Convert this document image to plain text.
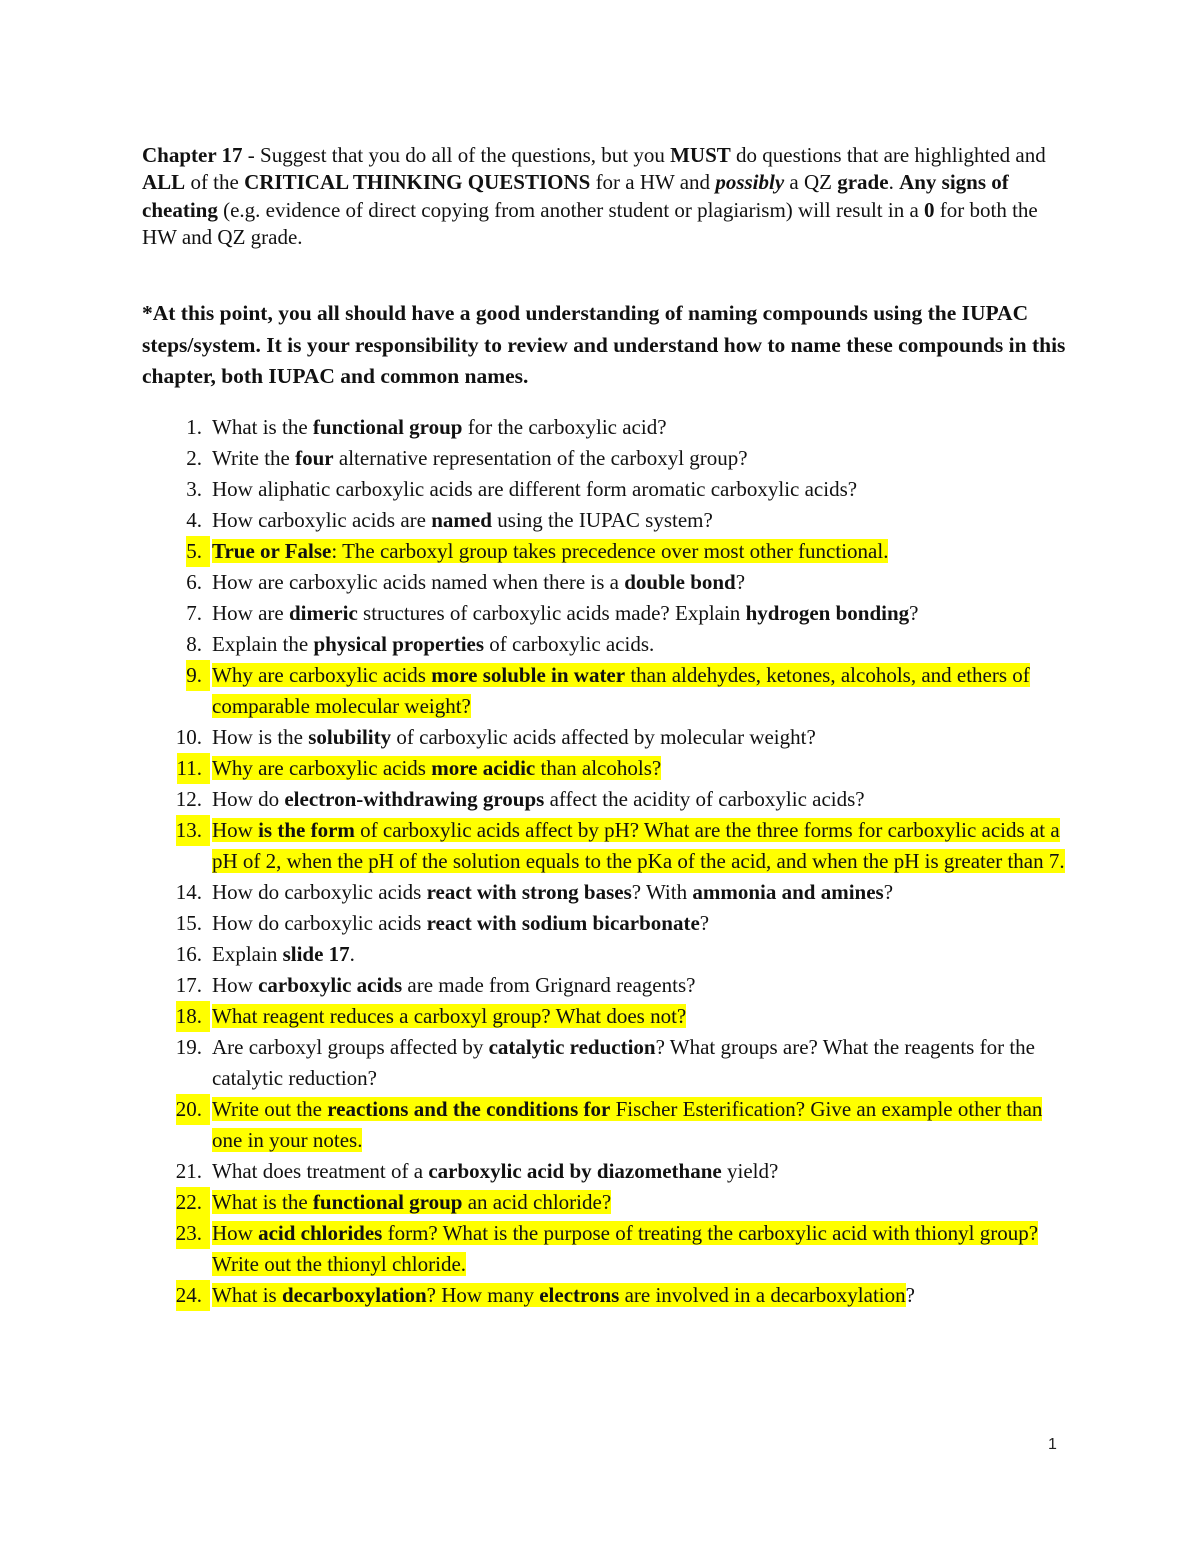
Chapter 17 - Suggest that you do all of the questions, but you MUST do questions that are highlighted and ALL of the CRITICAL THINKING QUESTIONS for a HW and possibly a QZ grade. Any signs of cheating (e.g. evidence of direct copying from another student or plagiarism) will result in a 0 for both the HW and QZ grade.
*At this point, you all should have a good understanding of naming compounds using the IUPAC steps/system. It is your responsibility to review and understand how to name these compounds in this chapter, both IUPAC and common names.
1. What is the functional group for the carboxylic acid?
2. Write the four alternative representation of the carboxyl group?
3. How aliphatic carboxylic acids are different form aromatic carboxylic acids?
4. How carboxylic acids are named using the IUPAC system?
5. True or False: The carboxyl group takes precedence over most other functional.
6. How are carboxylic acids named when there is a double bond?
7. How are dimeric structures of carboxylic acids made? Explain hydrogen bonding?
8. Explain the physical properties of carboxylic acids.
9. Why are carboxylic acids more soluble in water than aldehydes, ketones, alcohols, and ethers of comparable molecular weight?
10. How is the solubility of carboxylic acids affected by molecular weight?
11. Why are carboxylic acids more acidic than alcohols?
12. How do electron-withdrawing groups affect the acidity of carboxylic acids?
13. How is the form of carboxylic acids affect by pH? What are the three forms for carboxylic acids at a pH of 2, when the pH of the solution equals to the pKa of the acid, and when the pH is greater than 7.
14. How do carboxylic acids react with strong bases? With ammonia and amines?
15. How do carboxylic acids react with sodium bicarbonate?
16. Explain slide 17.
17. How carboxylic acids are made from Grignard reagents?
18. What reagent reduces a carboxyl group? What does not?
19. Are carboxyl groups affected by catalytic reduction? What groups are? What the reagents for the catalytic reduction?
20. Write out the reactions and the conditions for Fischer Esterification? Give an example other than one in your notes.
21. What does treatment of a carboxylic acid by diazomethane yield?
22. What is the functional group an acid chloride?
23. How acid chlorides form? What is the purpose of treating the carboxylic acid with thionyl group? Write out the thionyl chloride.
24. What is decarboxylation? How many electrons are involved in a decarboxylation?
1
